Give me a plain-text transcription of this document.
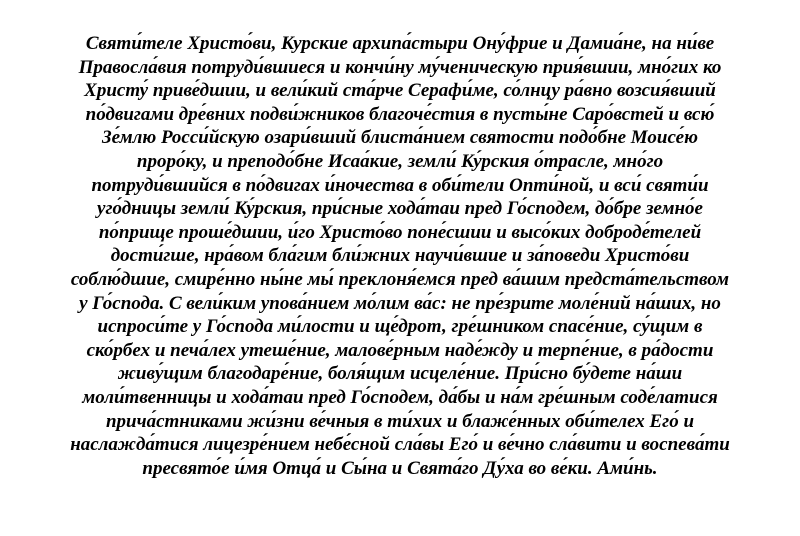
Святи́теле Христо́ви, Курские архипа́стыри Ону́фрие и Дамиа́не, на ни́ве
Правосла́вия потруди́вшиеся и кончи́ну му́ченическую прия́вшии, мно́гих ко
Христу́ приве́дшии, и вели́кий ста́рче Серафи́ме, со́лнцу ра́вно возсия́вший
по́двигами дре́вних подви́жников благоче́стия в пусты́не Саро́встей и всю́
Зе́млю Росси́йскую озари́вший блиста́нием святости подо́бне Моисе́ю
проро́ку, и преподо́бне Исаа́кие, земли́ Ку́рския о́трасле, мно́го
потруди́вшийся в по́двигах и́ночества в оби́тели Опти́ной, и вси́ святи́и
уго́дницы земли́ Ку́рския, при́сные хода́таи пред Го́сподем, до́бре земно́е
по́прище проше́дшии, и́го Христо́во поне́сшии и высо́ких доброде́телей
дости́гше, нра́вом бла́гим бли́жних научи́вшие и за́поведи Христо́ви
соблю́дшие, смире́нно ны́не мы́ преклоня́емся пред ва́шим предста́тельством
у Го́спода. С вели́ким упова́нием мо́лим ва́с: не пре́зрите моле́ний на́ших, но
испроси́те у Го́спода ми́лости и ще́дрот, гре́шником спасе́ние, су́щим в
ско́рбех и печа́лех утеше́ние, малове́рным наде́жду и терпе́ние, в ра́дости
живу́щим благодаре́ние, боля́щим исцеле́ние. При́сно бу́дете на́ши
моли́твенницы и хода́таи пред Го́сподем, да́бы и на́м гре́шным соде́латися
прича́стниками жи́зни ве́чныя в ти́хих и блаже́нных оби́телех Его́ и
наслажда́тися лицезре́нием небе́сной сла́вы Его́ и ве́чно сла́вити и воспева́ти
пресвято́е и́мя Отца́ и Сы́на и Свята́го Ду́ха во ве́ки. Ами́нь.
